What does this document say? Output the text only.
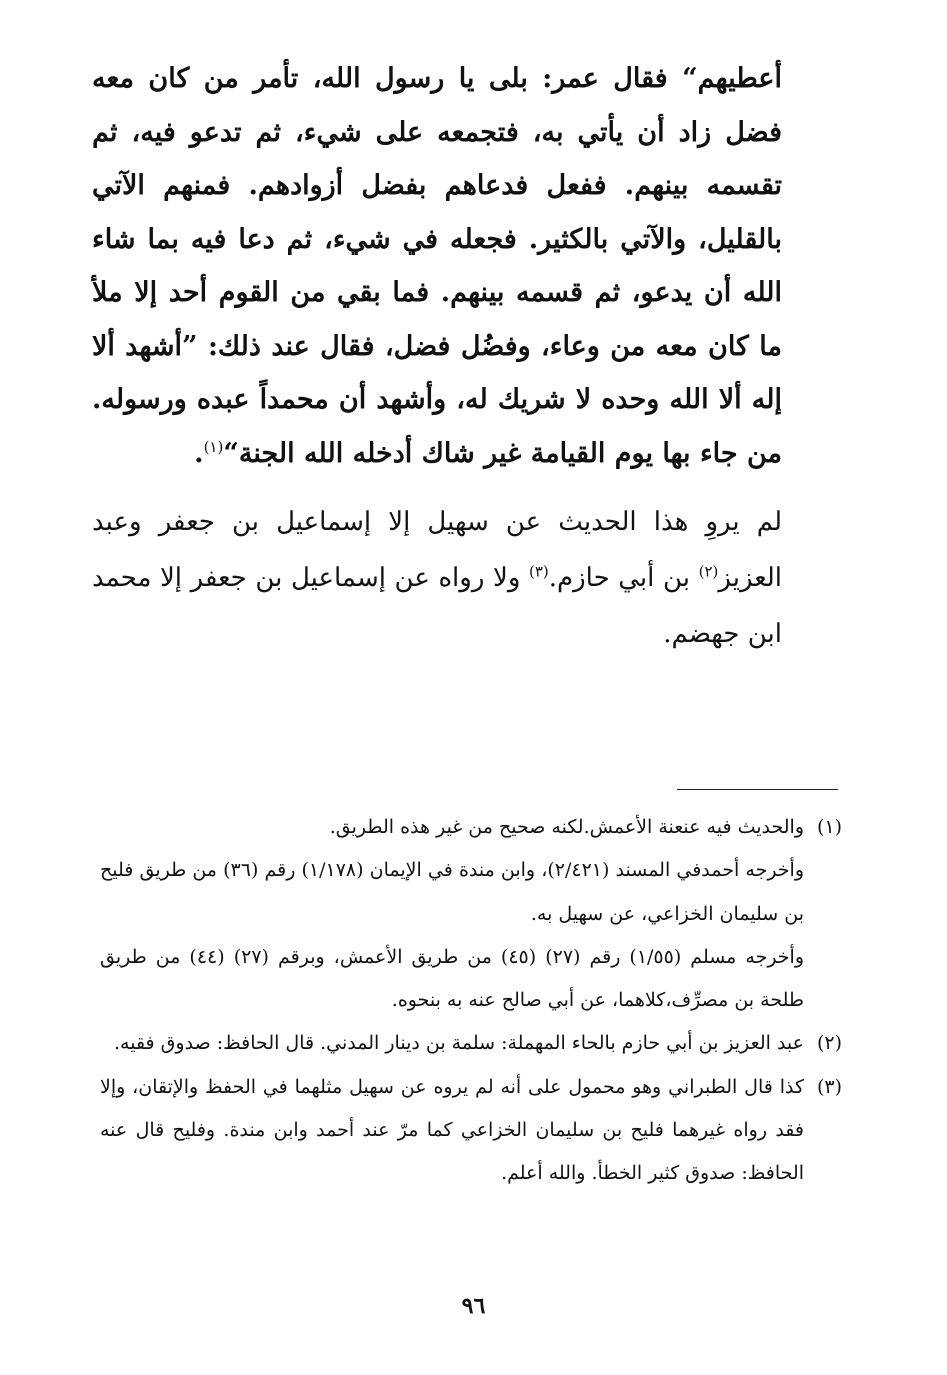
أعطيهم“ فقال عمر: بلى يا رسول الله، تأمر من كان معه فضل زاد أن يأتي به، فتجمعه على شيء، ثم تدعو فيه، ثم تقسمه بينهم. ففعل فدعاهم بفضل أزوادهم. فمنهم الآتي بالقليل، والآتي بالكثير. فجعله في شيء، ثم دعا فيه بما شاء الله أن يدعو، ثم قسمه بينهم. فما بقي من القوم أحد إلا ملأ ما كان معه من وعاء، وفضُل فضل، فقال عند ذلك: ”أشهد ألا إله ألا الله وحده لا شريك له، وأشهد أن محمداً عبده ورسوله. من جاء بها يوم القيامة غير شاك أدخله الله الجنة“$^{(١)}$.

لم يروِ هذا الحديث عن سهيل إلا إسماعيل بن جعفر وعبد العزيز$^{(٢)}$ بن أبي حازم.$^{(٣)}$ ولا رواه عن إسماعيل بن جعفر إلا محمد ابن جهضم.

(١)
والحديث فيه عنعنة الأعمش.لكنه صحيح من غير هذه الطريق.

وأخرجه أحمدفي المسند (٢/٤٢١)، وابن مندة في الإيمان (١/١٧٨) رقم (٣٦) من طريق فليح بن سليمان الخزاعي، عن سهيل به.

وأخرجه مسلم (١/٥٥) رقم (٢٧) (٤٥) من طريق الأعمش، وبرقم (٢٧) (٤٤) من طريق طلحة بن مصرِّف،كلاهما، عن أبي صالح عنه به بنحوه.

(٢)
عبد العزيز بن أبي حازم بالحاء المهملة: سلمة بن دينار المدني. قال الحافظ: صدوق فقيه.

(٣)
كذا قال الطبراني وهو محمول على أنه لم يروه عن سهيل مثلهما في الحفظ والإتقان، وإلا فقد رواه غيرهما فليح بن سليمان الخزاعي كما مرّ عند أحمد وابن مندة. وفليح قال عنه الحافظ: صدوق كثير الخطأ. والله أعلم.

٩٦
